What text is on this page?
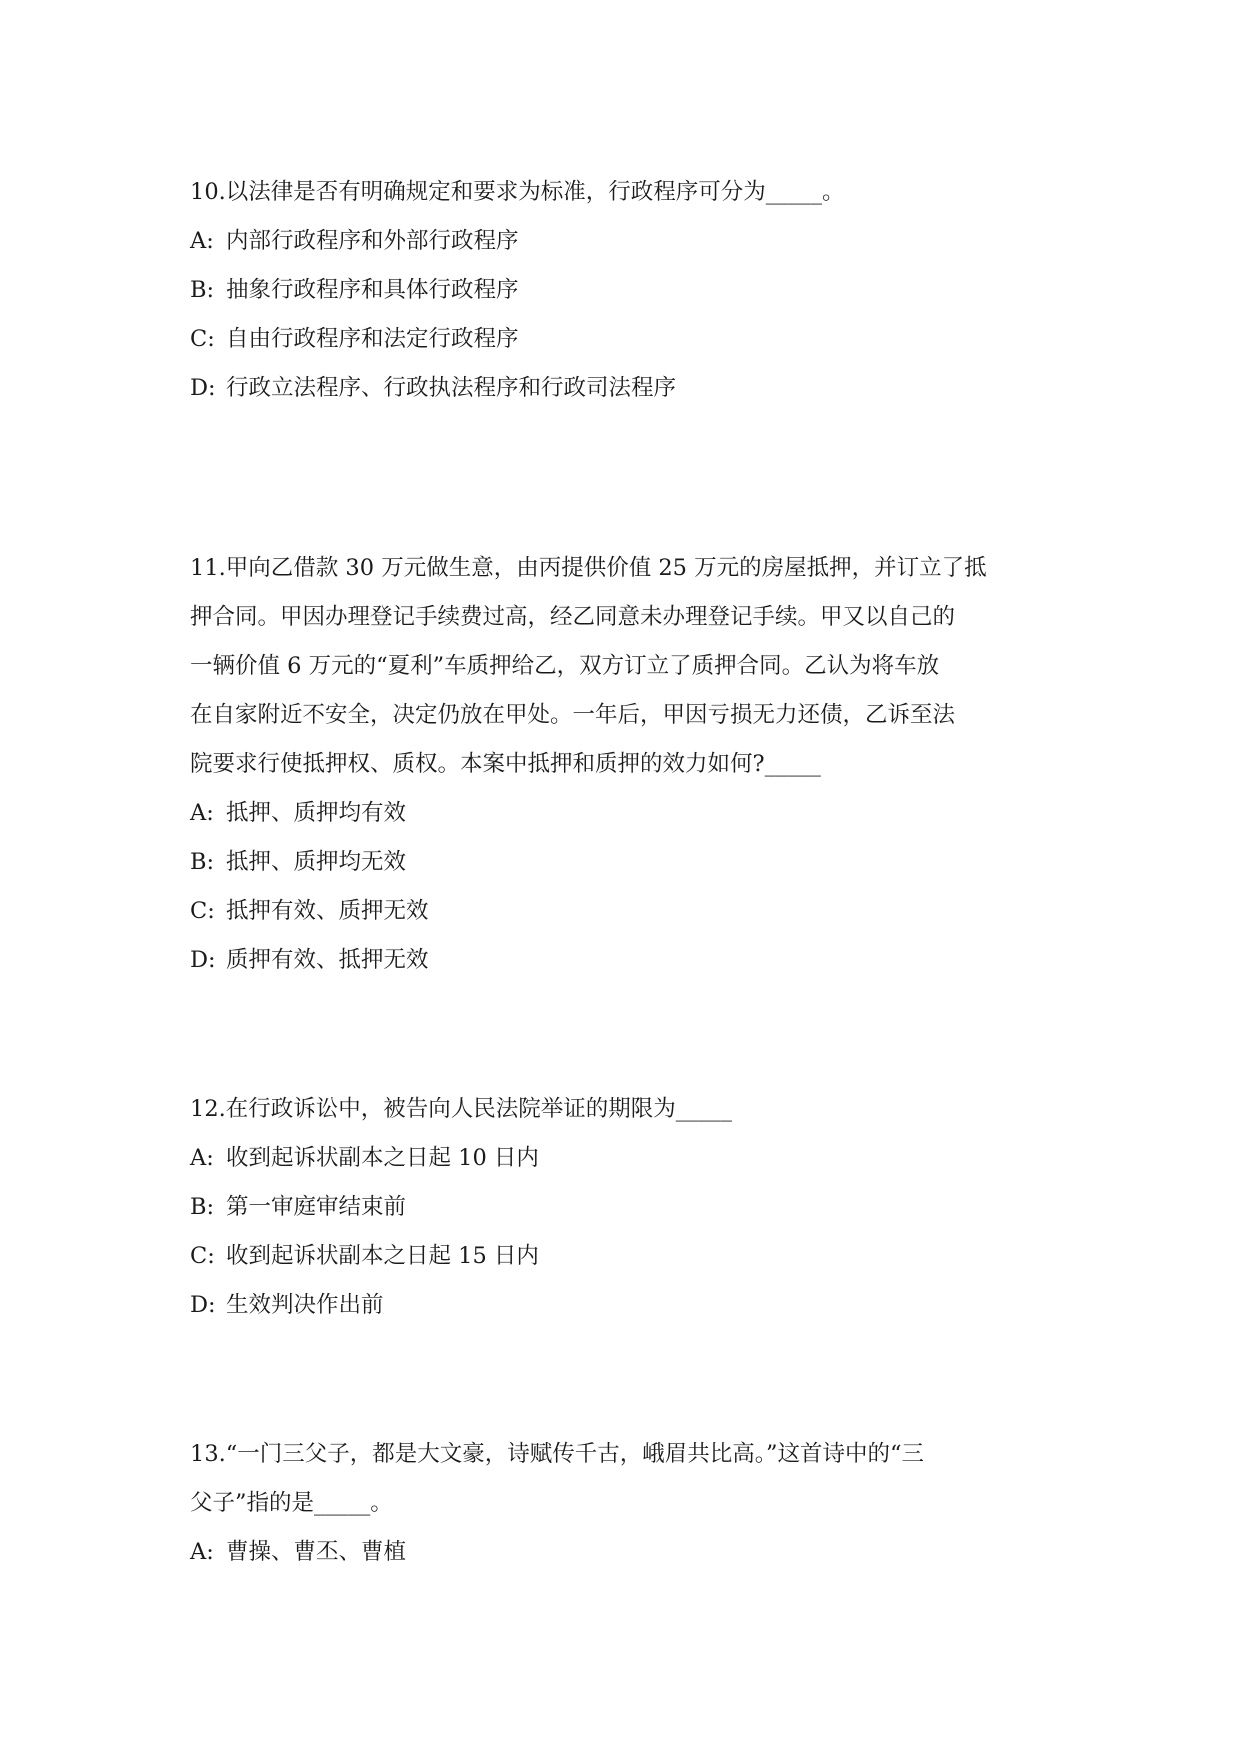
10.以法律是否有明确规定和要求为标准，行政程序可分为_____。

A: 内部行政程序和外部行政程序

B: 抽象行政程序和具体行政程序

C: 自由行政程序和法定行政程序

D: 行政立法程序、行政执法程序和行政司法程序

11.甲向乙借款 30 万元做生意，由丙提供价值 25 万元的房屋抵押，并订立了抵

押合同。甲因办理登记手续费过高，经乙同意未办理登记手续。甲又以自己的

一辆价值 6 万元的“夏利”车质押给乙，双方订立了质押合同。乙认为将车放

在自家附近不安全，决定仍放在甲处。一年后，甲因亏损无力还债，乙诉至法

院要求行使抵押权、质权。本案中抵押和质押的效力如何?_____

A: 抵押、质押均有效

B: 抵押、质押均无效

C: 抵押有效、质押无效

D: 质押有效、抵押无效

12.在行政诉讼中，被告向人民法院举证的期限为_____

A: 收到起诉状副本之日起 10 日内

B: 第一审庭审结束前

C: 收到起诉状副本之日起 15 日内

D: 生效判决作出前

13.“一门三父子，都是大文豪，诗赋传千古，峨眉共比高。”这首诗中的“三

父子”指的是_____。

A: 曹操、曹丕、曹植
